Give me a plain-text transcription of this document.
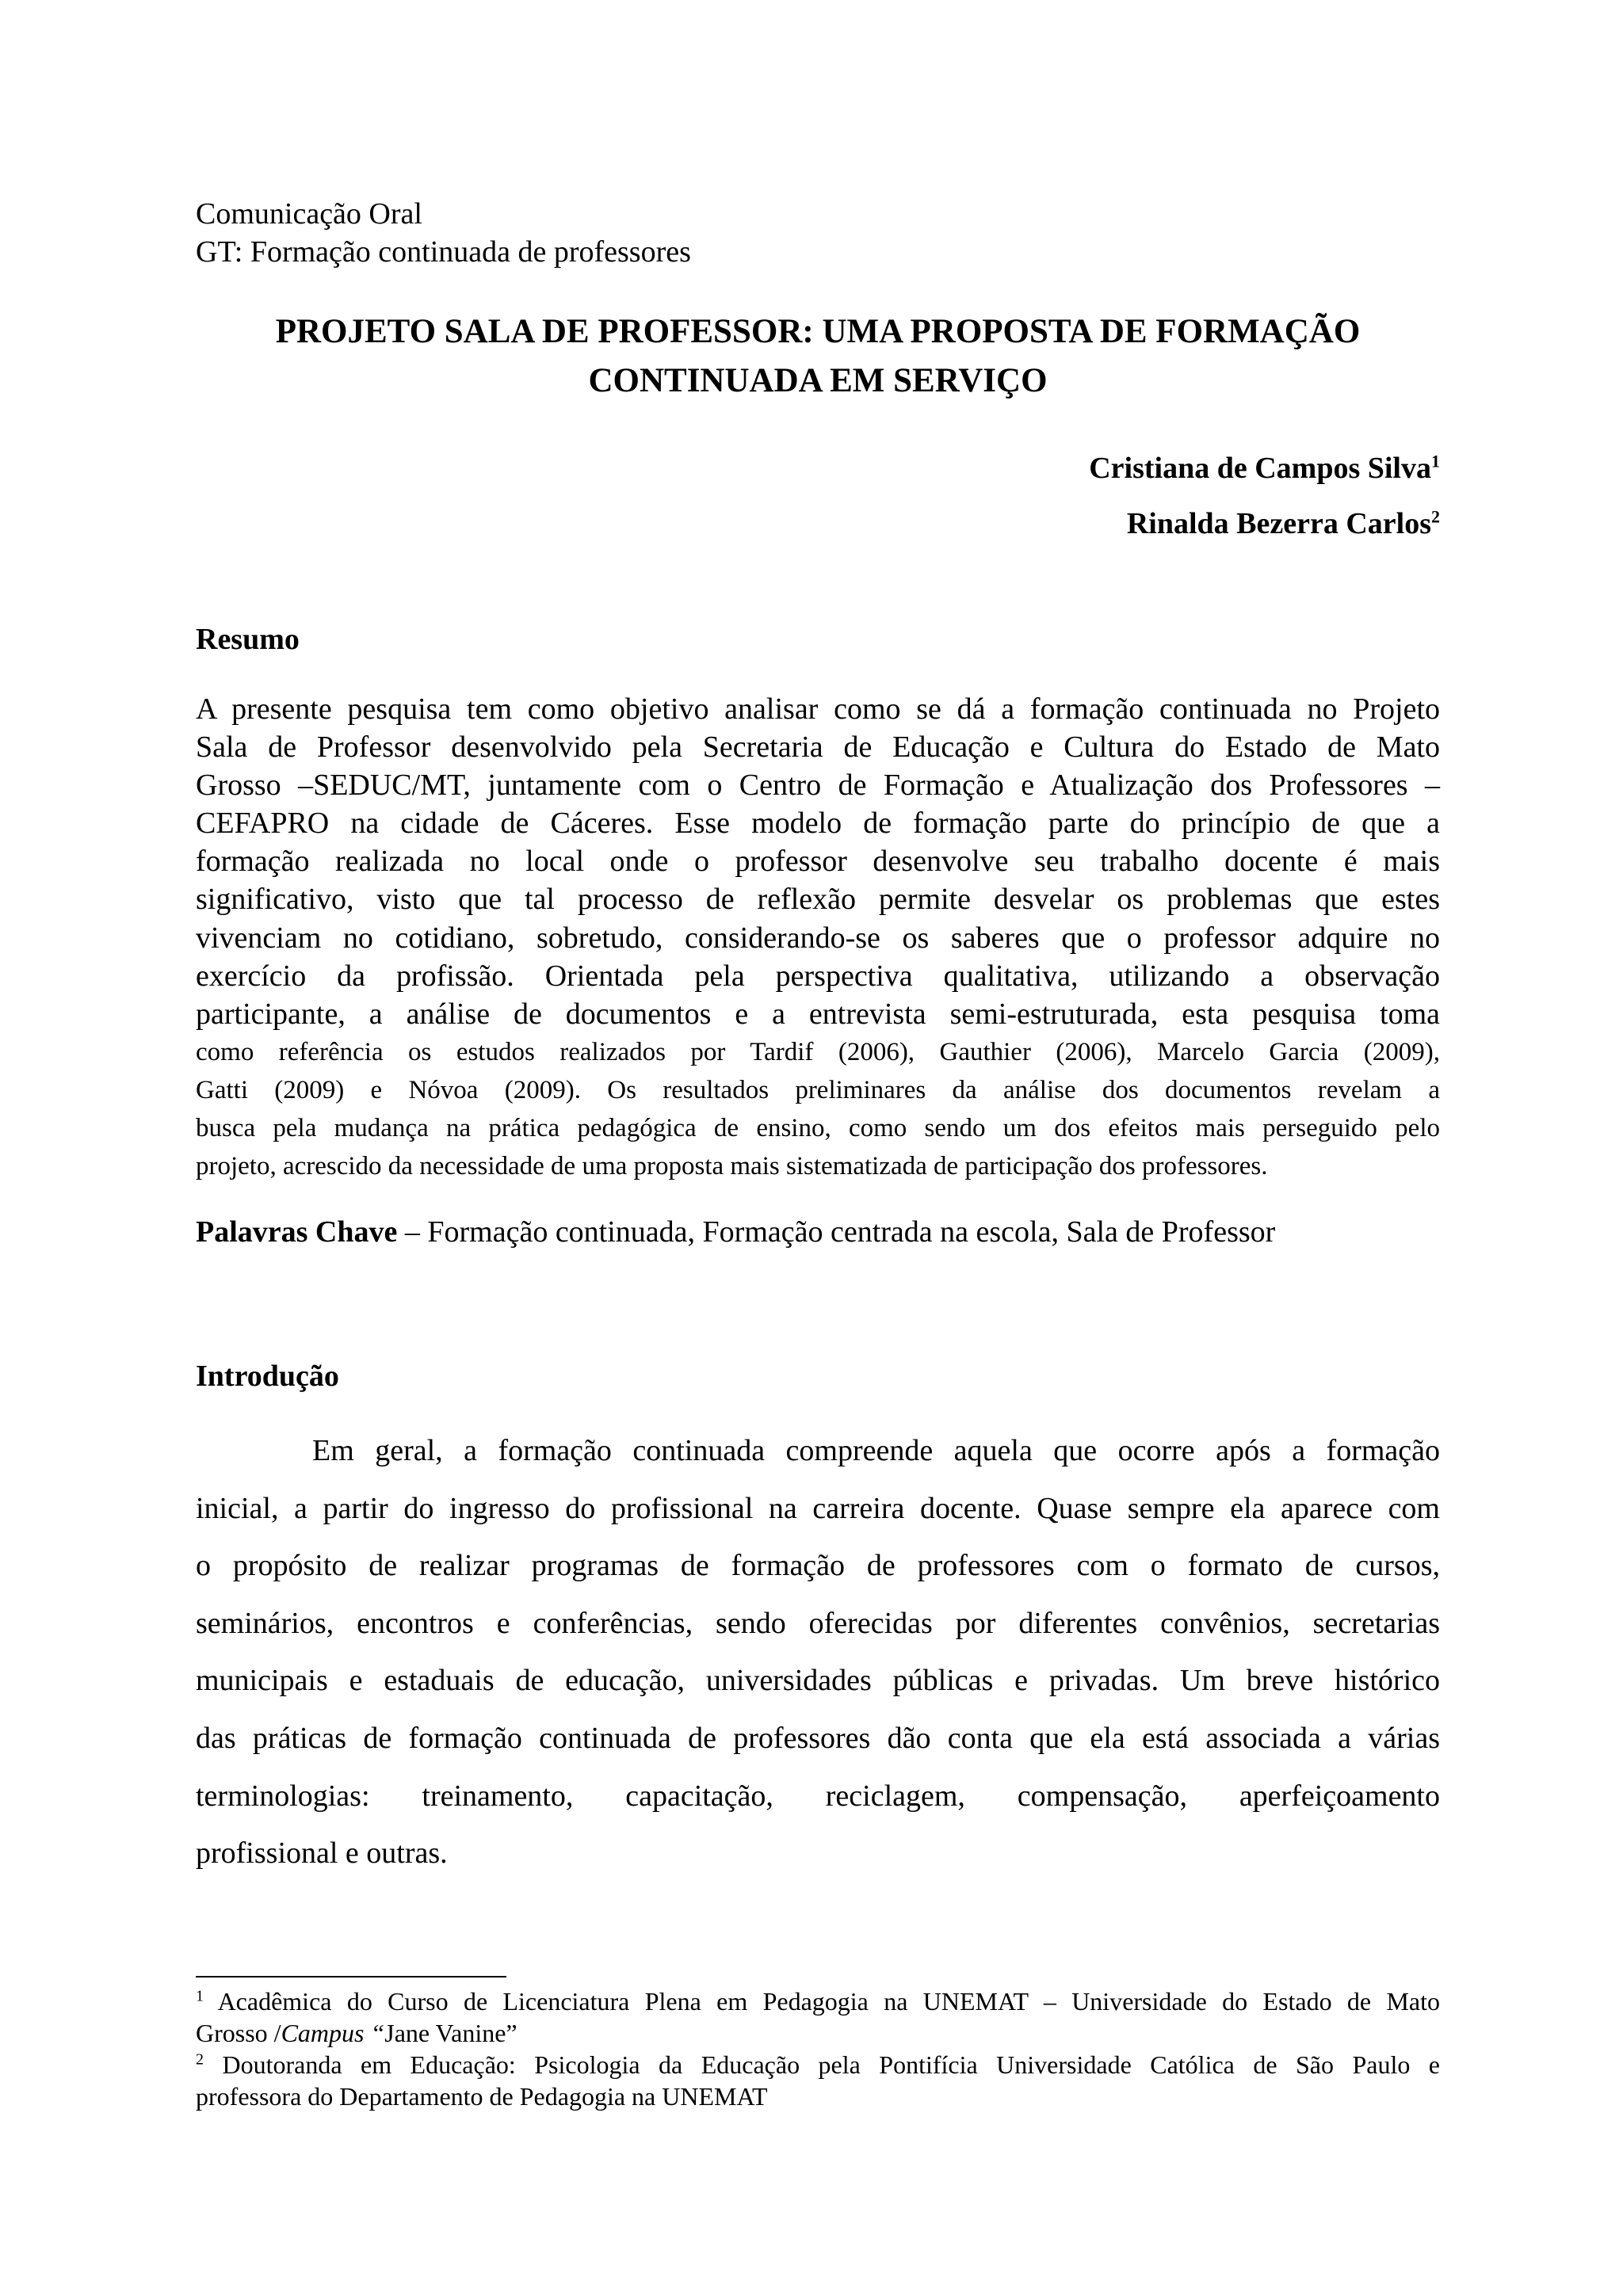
Comunicação Oral
GT: Formação continuada de professores
PROJETO SALA DE PROFESSOR: UMA PROPOSTA DE FORMAÇÃO
CONTINUADA EM SERVIÇO
Cristiana de Campos Silva$^1$
Rinalda Bezerra Carlos$^2$
Resumo
A presente pesquisa tem como objetivo analisar como se dá a formação continuada no Projeto
Sala de Professor desenvolvido pela Secretaria de Educação e Cultura do Estado de Mato
Grosso –SEDUC/MT, juntamente com o Centro de Formação e Atualização dos Professores –
CEFAPRO na cidade de Cáceres. Esse modelo de formação parte do princípio de que a
formação realizada no local onde o professor desenvolve seu trabalho docente é mais
significativo, visto que tal processo de reflexão permite desvelar os problemas que estes
vivenciam no cotidiano, sobretudo, considerando-se os saberes que o professor adquire no
exercício da profissão. Orientada pela perspectiva qualitativa, utilizando a observação
participante, a análise de documentos e a entrevista semi-estruturada, esta pesquisa toma
como referência os estudos realizados por Tardif (2006), Gauthier (2006), Marcelo Garcia (2009),
Gatti (2009) e Nóvoa (2009). Os resultados preliminares da análise dos documentos revelam a
busca pela mudança na prática pedagógica de ensino, como sendo um dos efeitos mais perseguido pelo
projeto, acrescido da necessidade de uma proposta mais sistematizada de participação dos professores.
Palavras Chave – Formação continuada, Formação centrada na escola, Sala de Professor
Introdução
Em geral, a formação continuada compreende aquela que ocorre após a formação
inicial, a partir do ingresso do profissional na carreira docente. Quase sempre ela aparece com
o propósito de realizar programas de formação de professores com o formato de cursos,
seminários, encontros e conferências, sendo oferecidas por diferentes convênios, secretarias
municipais e estaduais de educação, universidades públicas e privadas. Um breve histórico
das práticas de formação continuada de professores dão conta que ela está associada a várias
terminologias: treinamento, capacitação, reciclagem, compensação, aperfeiçoamento
profissional e outras.
$^1$ Acadêmica do Curso de Licenciatura Plena em Pedagogia na UNEMAT – Universidade do Estado de Mato
Grosso /Campus “Jane Vanine”
$^2$ Doutoranda em Educação: Psicologia da Educação pela Pontifícia Universidade Católica de São Paulo e
professora do Departamento de Pedagogia na UNEMAT
